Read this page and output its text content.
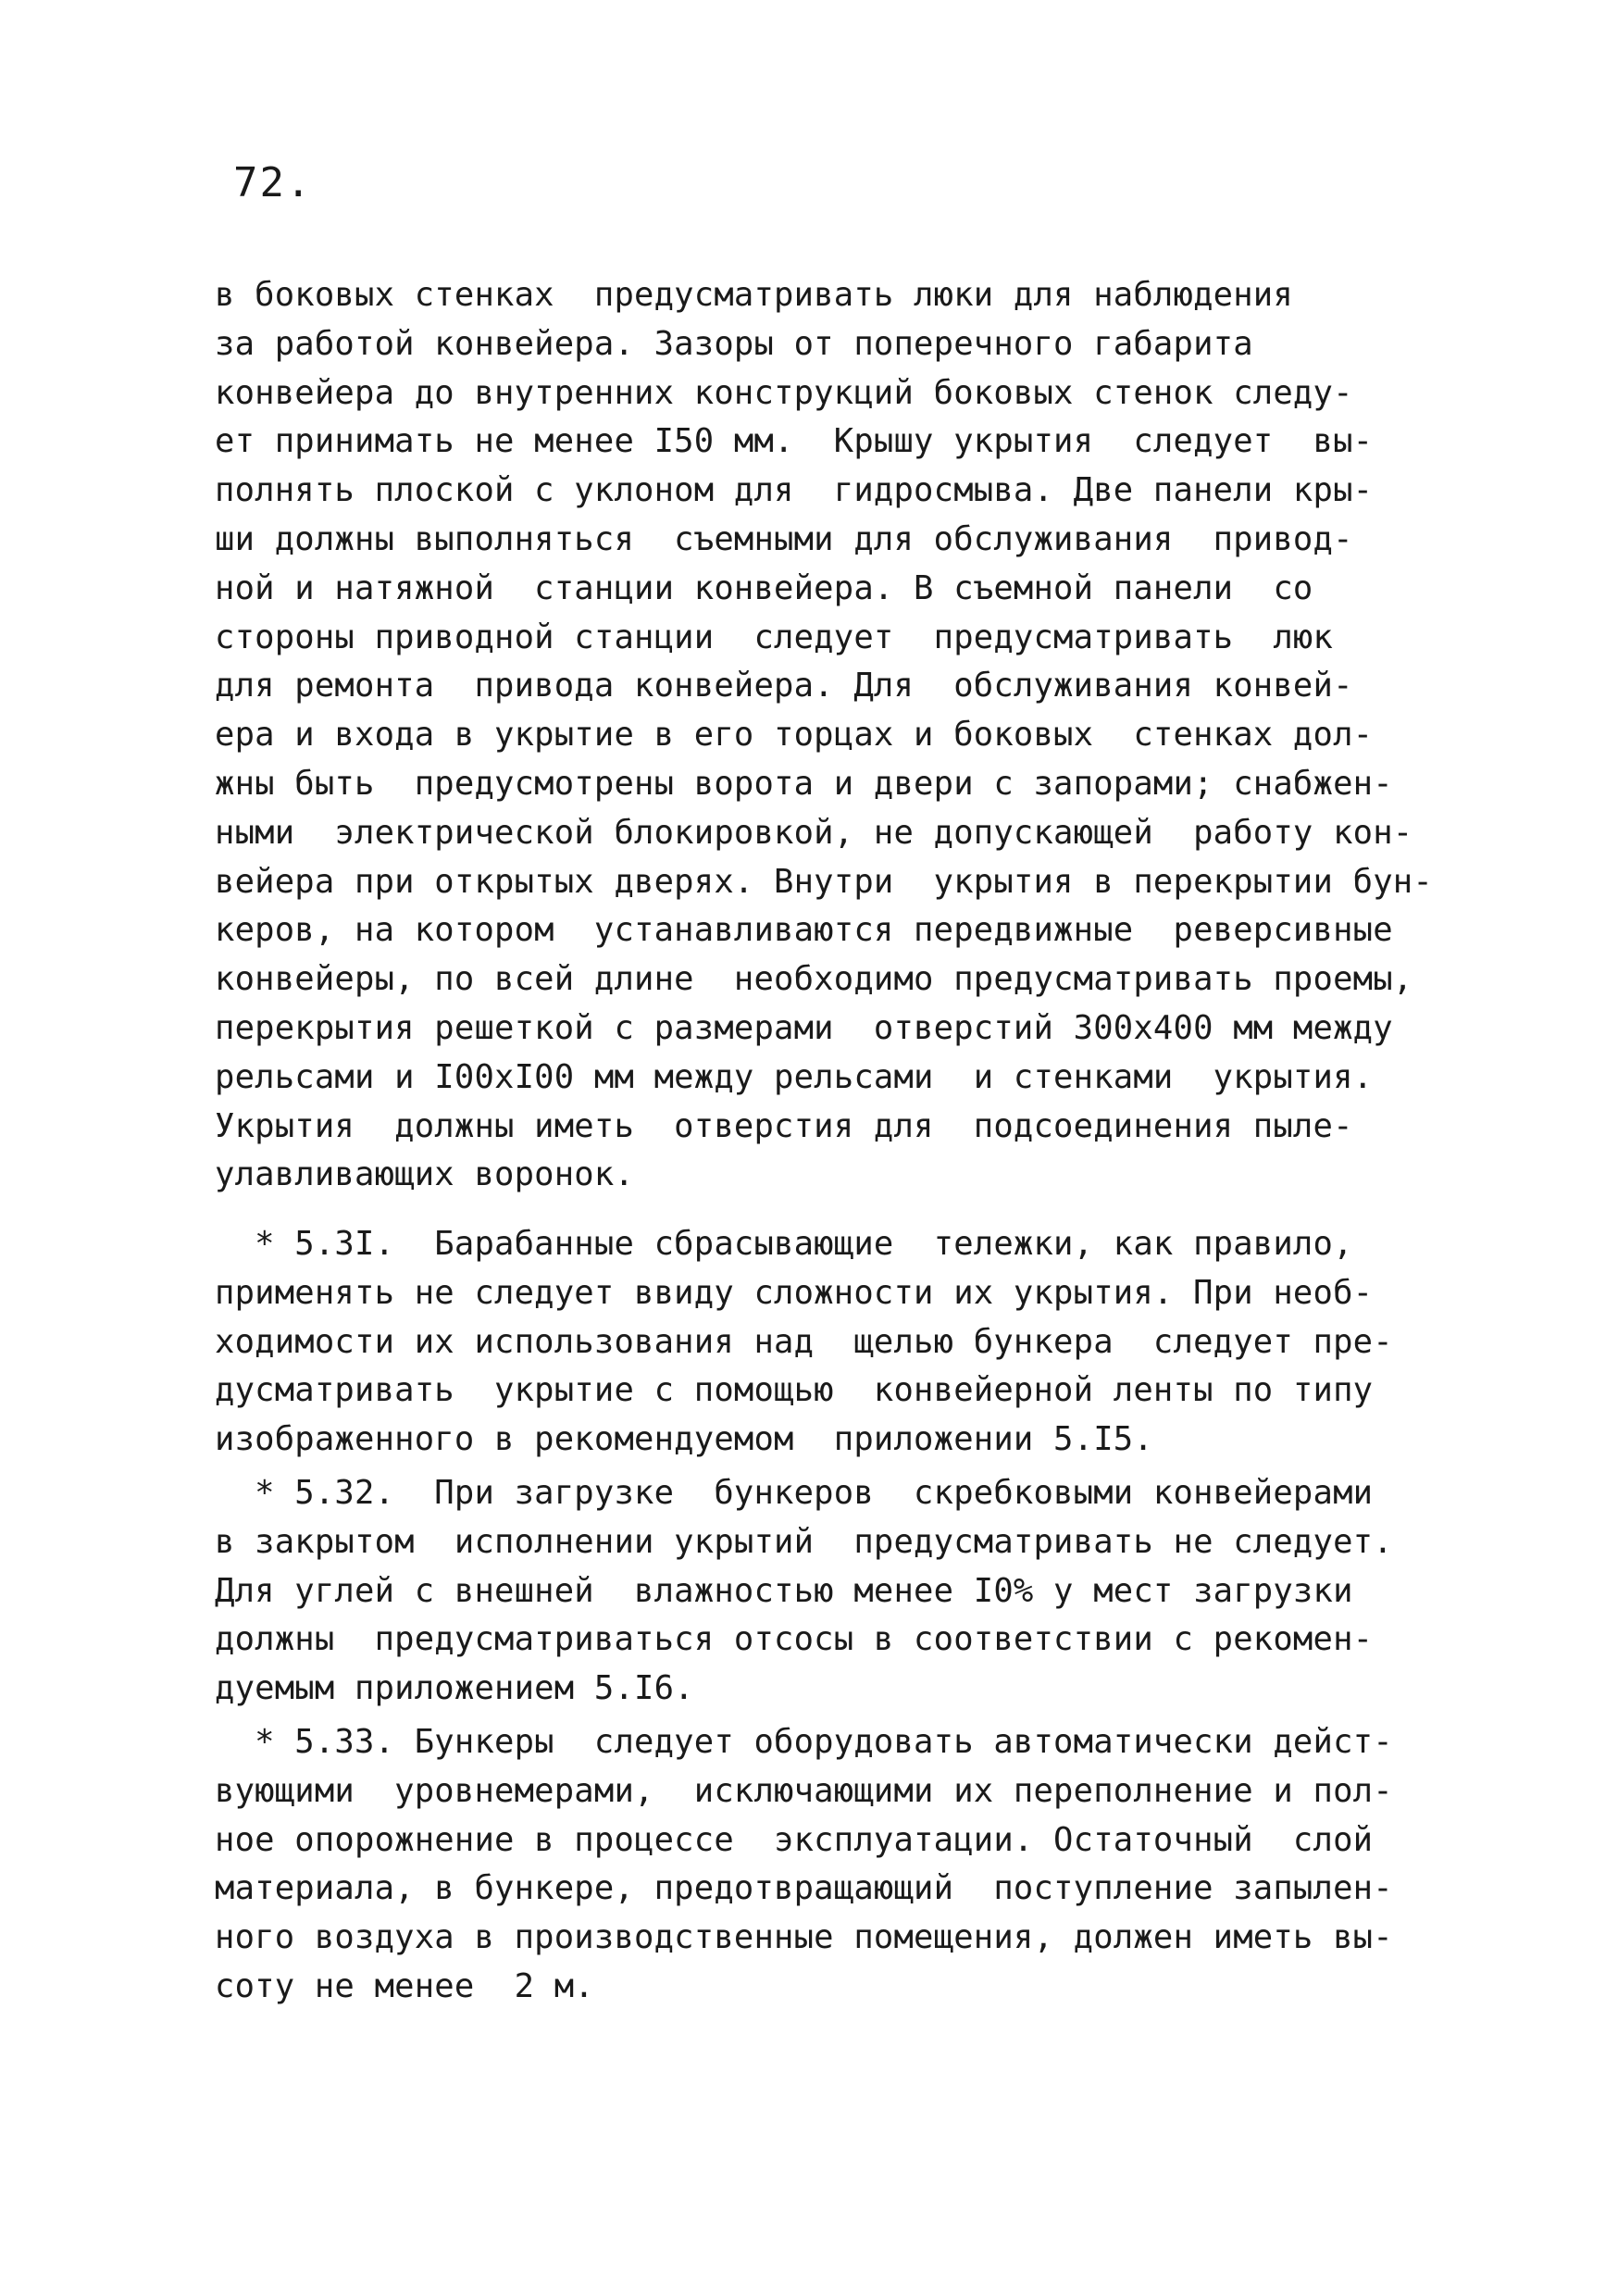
72.
в боковых стенках  предусматривать люки для наблюдения
за работой конвейера. Зазоры от поперечного габарита
конвейера до внутренних конструкций боковых стенок следу-
ет принимать не менее I50 мм.  Крышу укрытия  следует  вы-
полнять плоской с уклоном для  гидросмыва. Две панели кры-
ши должны выполняться  съемными для обслуживания  привод-
ной и натяжной  станции конвейера. В съемной панели  со
стороны приводной станции  следует  предусматривать  люк
для ремонта  привода конвейера. Для  обслуживания конвей-
ера и входа в укрытие в его торцах и боковых  стенках дол-
жны быть  предусмотрены ворота и двери с запорами; снабжен-
ными  электрической блокировкой, не допускающей  работу кон-
вейера при открытых дверях. Внутри  укрытия в перекрытии бун-
керов, на котором  устанавливаются передвижные  реверсивные
конвейеры, по всей длине  необходимо предусматривать проемы,
перекрытия решеткой с размерами  отверстий 300х400 мм между
рельсами и I00хI00 мм между рельсами  и стенками  укрытия.
Укрытия  должны иметь  отверстия для  подсоединения пыле-
улавливающих воронок.
* 5.3I.  Барабанные сбрасывающие  тележки, как правило,
применять не следует ввиду сложности их укрытия. При необ-
ходимости их использования над  щелью бункера  следует пре-
дусматривать  укрытие с помощью  конвейерной ленты по типу
изображенного в рекомендуемом  приложении 5.I5.
* 5.32.  При загрузке  бункеров  скребковыми конвейерами
в закрытом  исполнении укрытий  предусматривать не следует.
Для углей с внешней  влажностью менее I0% у мест загрузки
должны  предусматриваться отсосы в соответствии с рекомен-
дуемым приложением 5.I6.
* 5.33. Бункеры  следует оборудовать автоматически дейст-
вующими  уровнемерами,  исключающими их переполнение и пол-
ное опорожнение в процессе  эксплуатации. Остаточный  слой
материала, в бункере, предотвращающий  поступление запылен-
ного воздуха в производственные помещения, должен иметь вы-
соту не менее  2 м.
